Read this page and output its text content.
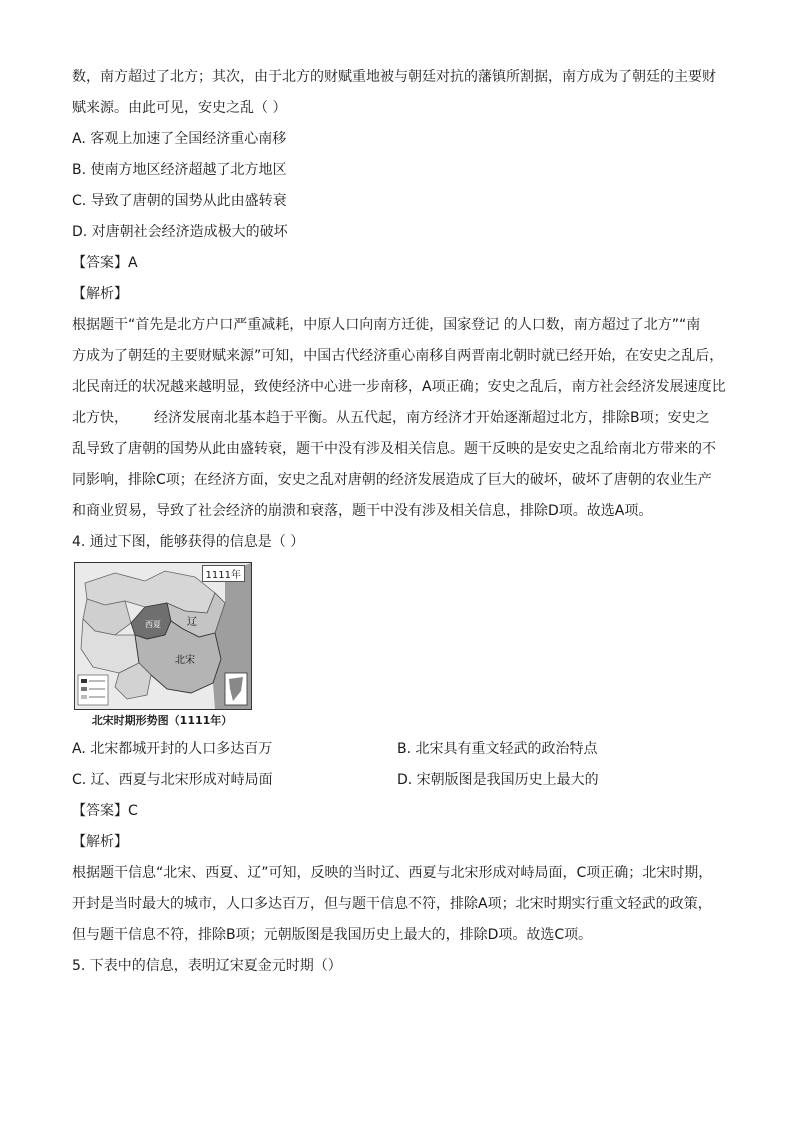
数，南方超过了北方；其次，由于北方的财赋重地被与朝廷对抗的藩镇所割据，南方成为了朝廷的主要财
赋来源。由此可见，安史之乱（ ）
A. 客观上加速了全国经济重心南移
B. 使南方地区经济超越了北方地区
C. 导致了唐朝的国势从此由盛转衰
D. 对唐朝社会经济造成极大的破坏
【答案】A
【解析】
根据题干“首先是北方户口严重减耗，中原人口向南方迁徙，国家登记 的人口数，南方超过了北方”“南
方成为了朝廷的主要财赋来源”可知，中国古代经济重心南移自两晋南北朝时就已经开始，在安史之乱后，
北民南迁的状况越来越明显，致使经济中心进一步南移，A项正确；安史之乱后，南方社会经济发展速度比
北方快， 经济发展南北基本趋于平衡。从五代起，南方经济才开始逐渐超过北方，排除B项；安史之
乱导致了唐朝的国势从此由盛转衰，题干中没有涉及相关信息。题干反映的是安史之乱给南北方带来的不
同影响，排除C项；在经济方面，安史之乱对唐朝的经济发展造成了巨大的破坏，破坏了唐朝的农业生产
和商业贸易，导致了社会经济的崩溃和衰落，题干中没有涉及相关信息，排除D项。故选A项。
4. 通过下图，能够获得的信息是（ ）
辽
西夏
北宋
1111年
北宋时期形势图（1111年）
A. 北宋都城开封的人口多达百万	B. 北宋具有重文轻武的政治特点
C. 辽、西夏与北宋形成对峙局面	D. 宋朝版图是我国历史上最大的
【答案】C
【解析】
根据题干信息“北宋、西夏、辽”可知，反映的当时辽、西夏与北宋形成对峙局面，C项正确；北宋时期，
开封是当时最大的城市，人口多达百万，但与题干信息不符，排除A项；北宋时期实行重文轻武的政策，
但与题干信息不符，排除B项；元朝版图是我国历史上最大的，排除D项。故选C项。
5. 下表中的信息，表明辽宋夏金元时期（）
